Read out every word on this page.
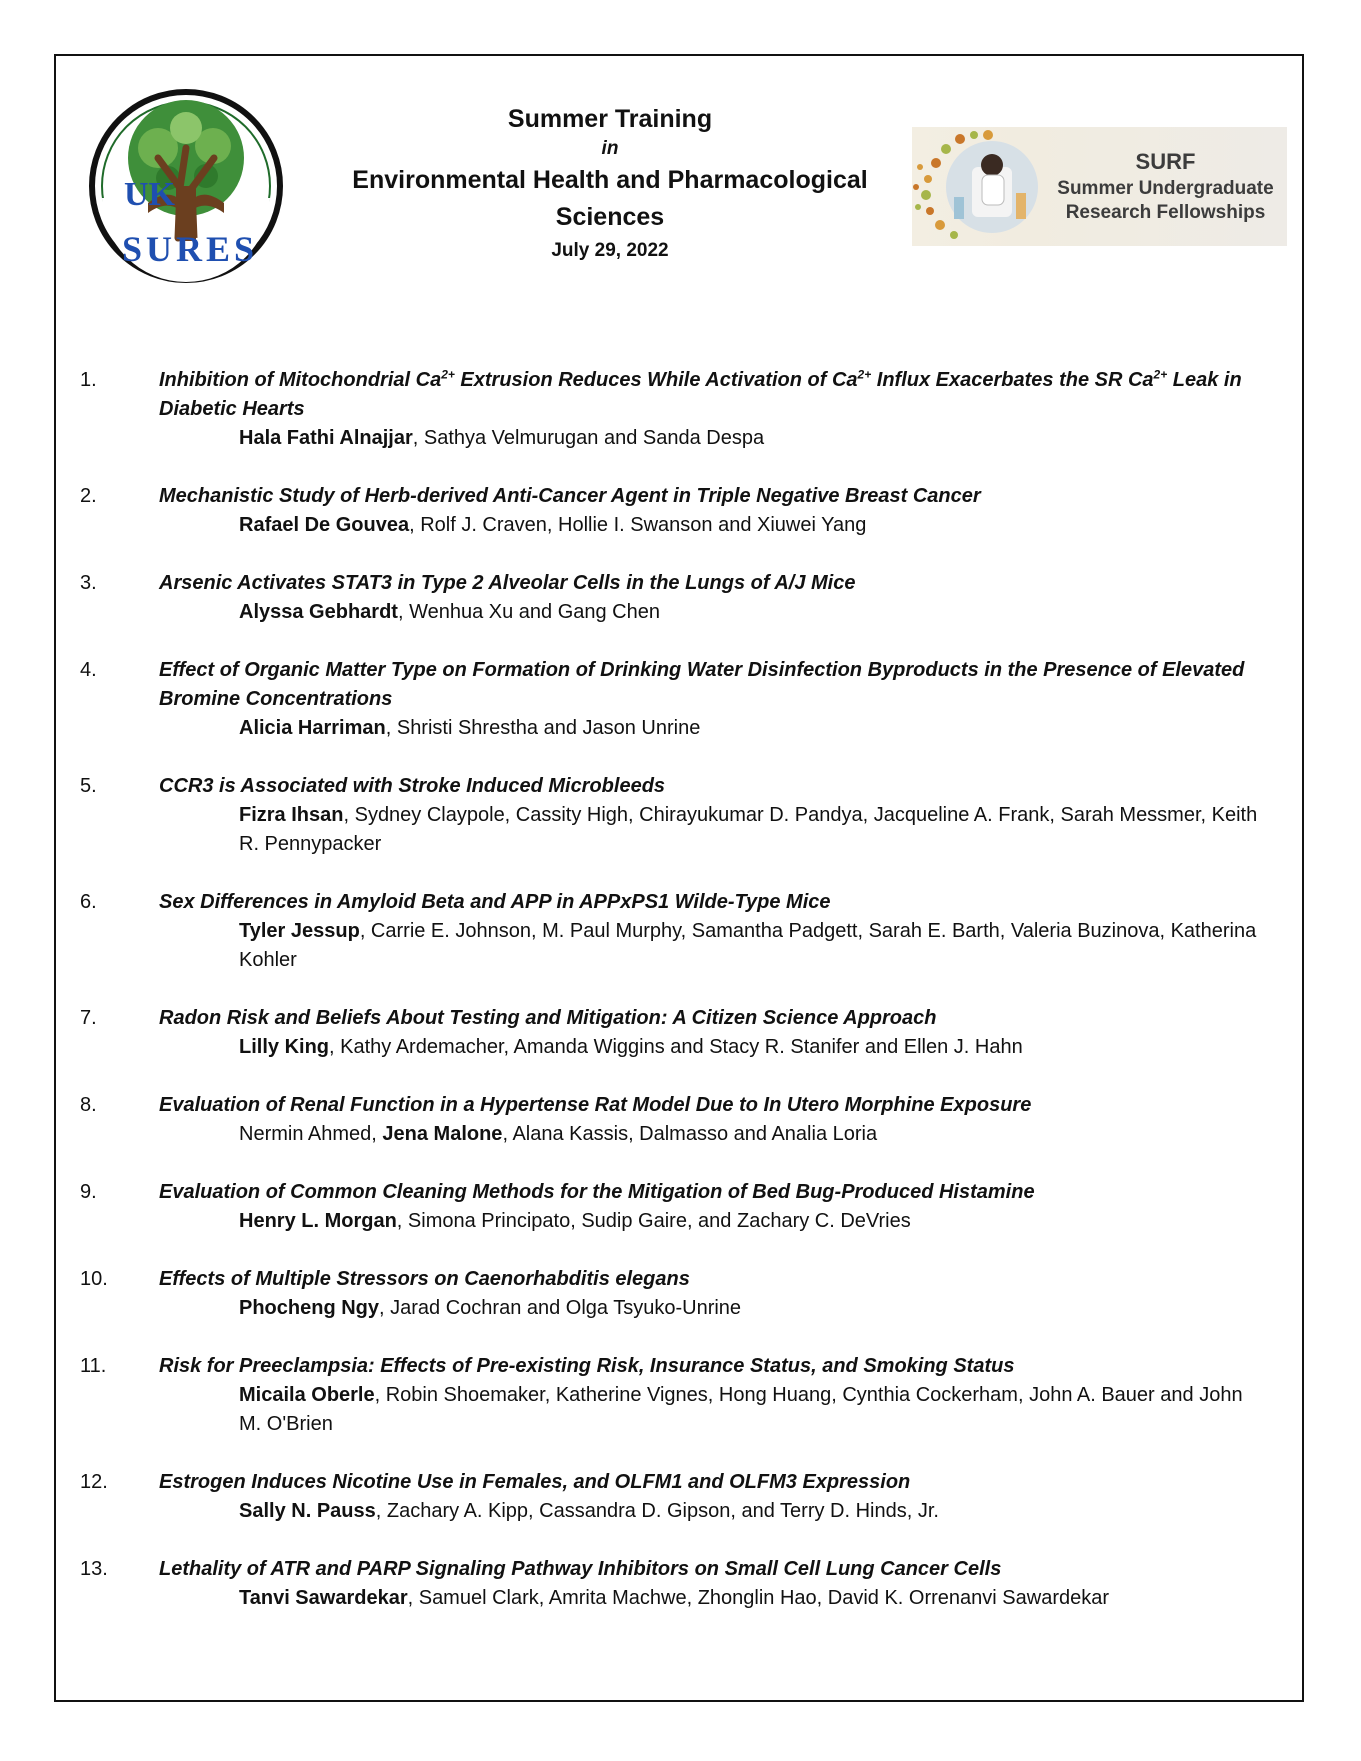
UK
SURES
Summer Training
in
Environmental Health and Pharmacological
Sciences
July 29, 2022
SURF
Summer Undergraduate
Research Fellowships
1.	Inhibition of Mitochondrial $Ca^{2+}$ Extrusion Reduces While Activation of $Ca^{2+}$ Influx Exacerbates the SR $Ca^{2+}$ Leak in Diabetic Hearts
Hala Fathi Alnajjar, Sathya Velmurugan and Sanda Despa
2.	Mechanistic Study of Herb-derived Anti-Cancer Agent in Triple Negative Breast Cancer
Rafael De Gouvea, Rolf J. Craven, Hollie I. Swanson and Xiuwei Yang
3.	Arsenic Activates STAT3 in Type 2 Alveolar Cells in the Lungs of A/J Mice
Alyssa Gebhardt, Wenhua Xu and Gang Chen
4.	Effect of Organic Matter Type on Formation of Drinking Water Disinfection Byproducts in the Presence of Elevated Bromine Concentrations
Alicia Harriman, Shristi Shrestha and Jason Unrine
5.	CCR3 is Associated with Stroke Induced Microbleeds
Fizra Ihsan, Sydney Claypole, Cassity High, Chirayukumar D. Pandya, Jacqueline A. Frank, Sarah Messmer, Keith R. Pennypacker
6.	Sex Differences in Amyloid Beta and APP in APPxPS1 Wilde-Type Mice
Tyler Jessup, Carrie E. Johnson, M. Paul Murphy, Samantha Padgett, Sarah E. Barth, Valeria Buzinova, Katherina Kohler
7.	Radon Risk and Beliefs About Testing and Mitigation: A Citizen Science Approach
Lilly King, Kathy Ardemacher, Amanda Wiggins and Stacy R. Stanifer and Ellen J. Hahn
8.	Evaluation of Renal Function in a Hypertense Rat Model Due to In Utero Morphine Exposure
Nermin Ahmed, Jena Malone, Alana Kassis, Dalmasso and Analia Loria
9.	Evaluation of Common Cleaning Methods for the Mitigation of Bed Bug-Produced Histamine
Henry L. Morgan, Simona Principato, Sudip Gaire, and Zachary C. DeVries
10.	Effects of Multiple Stressors on Caenorhabditis elegans
Phocheng Ngy, Jarad Cochran and Olga Tsyuko-Unrine
11.	Risk for Preeclampsia: Effects of Pre-existing Risk, Insurance Status, and Smoking Status
Micaila Oberle, Robin Shoemaker, Katherine Vignes, Hong Huang, Cynthia Cockerham, John A. Bauer and John M. O'Brien
12.	Estrogen Induces Nicotine Use in Females, and OLFM1 and OLFM3 Expression
Sally N. Pauss, Zachary A. Kipp, Cassandra D. Gipson, and Terry D. Hinds, Jr.
13.	Lethality of ATR and PARP Signaling Pathway Inhibitors on Small Cell Lung Cancer Cells
Tanvi Sawardekar, Samuel Clark, Amrita Machwe, Zhonglin Hao, David K. Orrenanvi Sawardekar
